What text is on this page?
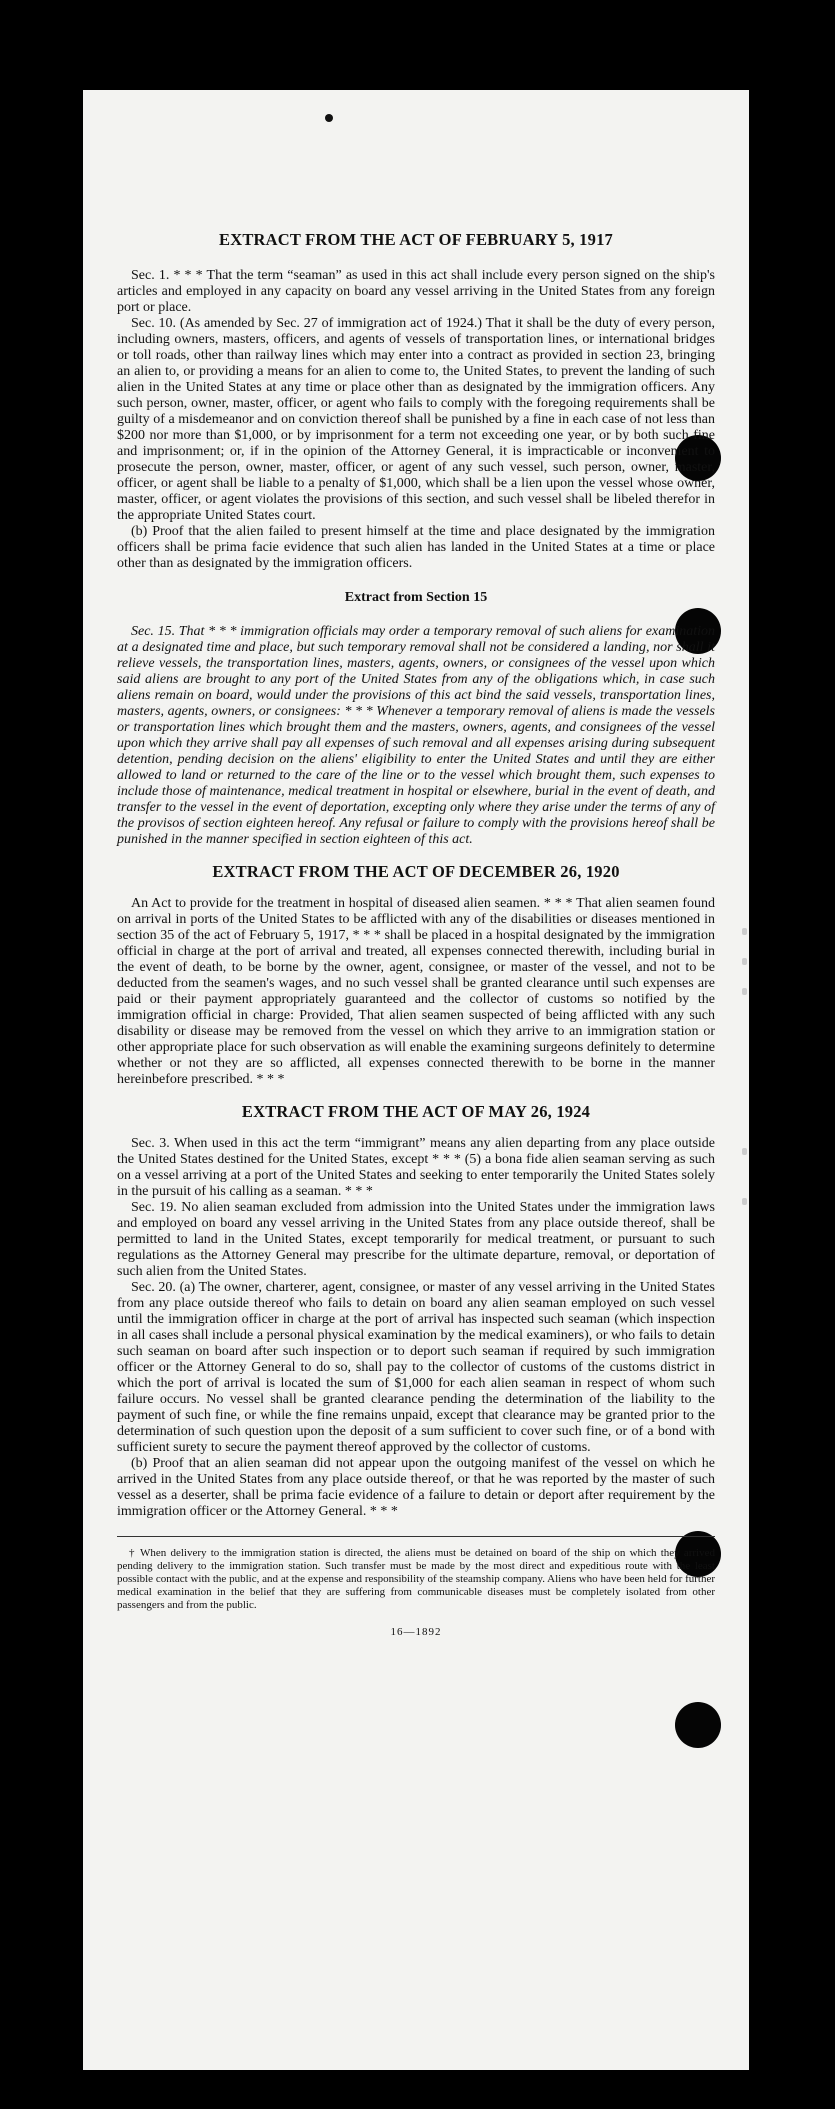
EXTRACT FROM THE ACT OF FEBRUARY 5, 1917

Sec. 1. * * * That the term “seaman” as used in this act shall include every person signed on the ship's articles and employed in any capacity on board any vessel arriving in the United States from any foreign port or place.

Sec. 10. (As amended by Sec. 27 of immigration act of 1924.) That it shall be the duty of every person, including owners, masters, officers, and agents of vessels of transportation lines, or international bridges or toll roads, other than railway lines which may enter into a contract as provided in section 23, bringing an alien to, or providing a means for an alien to come to, the United States, to prevent the landing of such alien in the United States at any time or place other than as designated by the immigration officers. Any such person, owner, master, officer, or agent who fails to comply with the foregoing requirements shall be guilty of a misdemeanor and on conviction thereof shall be punished by a fine in each case of not less than $200 nor more than $1,000, or by imprisonment for a term not exceeding one year, or by both such fine and imprisonment; or, if in the opinion of the Attorney General, it is impracticable or inconvenient to prosecute the person, owner, master, officer, or agent of any such vessel, such person, owner, master, officer, or agent shall be liable to a penalty of $1,000, which shall be a lien upon the vessel whose owner, master, officer, or agent violates the provisions of this section, and such vessel shall be libeled therefor in the appropriate United States court.

(b) Proof that the alien failed to present himself at the time and place designated by the immigration officers shall be prima facie evidence that such alien has landed in the United States at a time or place other than as designated by the immigration officers.

Extract from Section 15

Sec. 15. That * * * immigration officials may order a temporary removal of such aliens for examination at a designated time and place, but such temporary removal shall not be considered a landing, nor shall it relieve vessels, the transportation lines, masters, agents, owners, or consignees of the vessel upon which said aliens are brought to any port of the United States from any of the obligations which, in case such aliens remain on board, would under the provisions of this act bind the said vessels, transportation lines, masters, agents, owners, or consignees: * * * Whenever a temporary removal of aliens is made the vessels or transportation lines which brought them and the masters, owners, agents, and consignees of the vessel upon which they arrive shall pay all expenses of such removal and all expenses arising during subsequent detention, pending decision on the aliens' eligibility to enter the United States and until they are either allowed to land or returned to the care of the line or to the vessel which brought them, such expenses to include those of maintenance, medical treatment in hospital or elsewhere, burial in the event of death, and transfer to the vessel in the event of deportation, excepting only where they arise under the terms of any of the provisos of section eighteen hereof. Any refusal or failure to comply with the provisions hereof shall be punished in the manner specified in section eighteen of this act.

EXTRACT FROM THE ACT OF DECEMBER 26, 1920

An Act to provide for the treatment in hospital of diseased alien seamen. * * * That alien seamen found on arrival in ports of the United States to be afflicted with any of the disabilities or diseases mentioned in section 35 of the act of February 5, 1917, * * * shall be placed in a hospital designated by the immigration official in charge at the port of arrival and treated, all expenses connected therewith, including burial in the event of death, to be borne by the owner, agent, consignee, or master of the vessel, and not to be deducted from the seamen's wages, and no such vessel shall be granted clearance until such expenses are paid or their payment appropriately guaranteed and the collector of customs so notified by the immigration official in charge: Provided, That alien seamen suspected of being afflicted with any such disability or disease may be removed from the vessel on which they arrive to an immigration station or other appropriate place for such observation as will enable the examining surgeons definitely to determine whether or not they are so afflicted, all expenses connected therewith to be borne in the manner hereinbefore prescribed. * * *

EXTRACT FROM THE ACT OF MAY 26, 1924

Sec. 3. When used in this act the term “immigrant” means any alien departing from any place outside the United States destined for the United States, except * * * (5) a bona fide alien seaman serving as such on a vessel arriving at a port of the United States and seeking to enter temporarily the United States solely in the pursuit of his calling as a seaman. * * *

Sec. 19. No alien seaman excluded from admission into the United States under the immigration laws and employed on board any vessel arriving in the United States from any place outside thereof, shall be permitted to land in the United States, except temporarily for medical treatment, or pursuant to such regulations as the Attorney General may prescribe for the ultimate departure, removal, or deportation of such alien from the United States.

Sec. 20. (a) The owner, charterer, agent, consignee, or master of any vessel arriving in the United States from any place outside thereof who fails to detain on board any alien seaman employed on such vessel until the immigration officer in charge at the port of arrival has inspected such seaman (which inspection in all cases shall include a personal physical examination by the medical examiners), or who fails to detain such seaman on board after such inspection or to deport such seaman if required by such immigration officer or the Attorney General to do so, shall pay to the collector of customs of the customs district in which the port of arrival is located the sum of $1,000 for each alien seaman in respect of whom such failure occurs. No vessel shall be granted clearance pending the determination of the liability to the payment of such fine, or while the fine remains unpaid, except that clearance may be granted prior to the determination of such question upon the deposit of a sum sufficient to cover such fine, or of a bond with sufficient surety to secure the payment thereof approved by the collector of customs.

(b) Proof that an alien seaman did not appear upon the outgoing manifest of the vessel on which he arrived in the United States from any place outside thereof, or that he was reported by the master of such vessel as a deserter, shall be prima facie evidence of a failure to detain or deport after requirement by the immigration officer or the Attorney General. * * *

† When delivery to the immigration station is directed, the aliens must be detained on board of the ship on which they arrived pending delivery to the immigration station. Such transfer must be made by the most direct and expeditious route with the least possible contact with the public, and at the expense and responsibility of the steamship company. Aliens who have been held for further medical examination in the belief that they are suffering from communicable diseases must be completely isolated from other passengers and from the public.

16—1892
